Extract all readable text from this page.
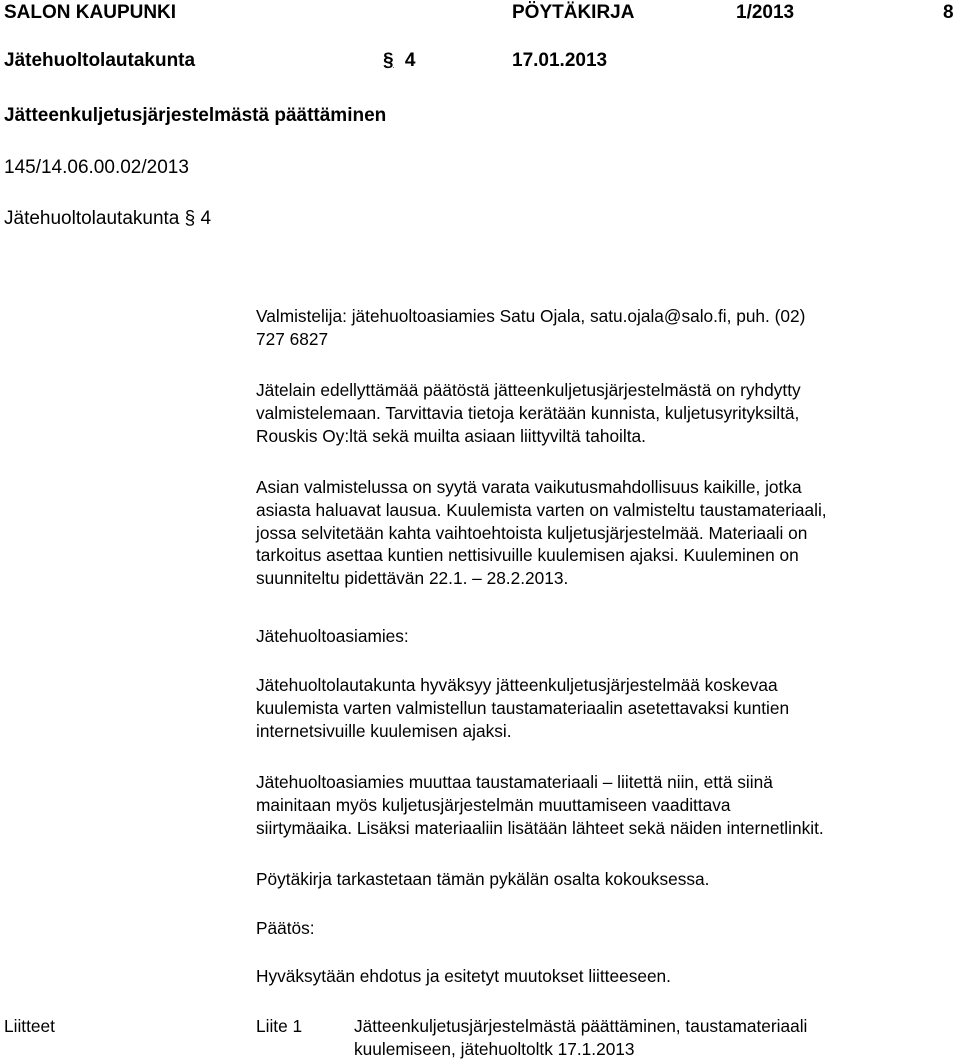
SALON KAUPUNKI	PÖYTÄKIRJA	1/2013	8
Jätehuoltolautakunta	§ 4	17.01.2013
Jätteenkuljetusjärjestelmästä päättäminen
145/14.06.00.02/2013
Jätehuoltolautakunta § 4
Valmistelija: jätehuoltoasiamies Satu Ojala, satu.ojala@salo.fi, puh. (02)
727 6827
Jätelain edellyttämää päätöstä jätteenkuljetusjärjestelmästä on ryhdytty
valmistelemaan. Tarvittavia tietoja kerätään kunnista, kuljetusyrityksiltä,
Rouskis Oy:ltä sekä muilta asiaan liittyviltä tahoilta.
Asian valmistelussa on syytä varata vaikutusmahdollisuus kaikille, jotka
asiasta haluavat lausua. Kuulemista varten on valmisteltu taustamateriaali,
jossa selvitetään kahta vaihtoehtoista kuljetusjärjestelmää. Materiaali on
tarkoitus asettaa kuntien nettisivuille kuulemisen ajaksi. Kuuleminen on
suunniteltu pidettävän 22.1. – 28.2.2013.
Jätehuoltoasiamies:
Jätehuoltolautakunta hyväksyy jätteenkuljetusjärjestelmää koskevaa
kuulemista varten valmistellun taustamateriaalin asetettavaksi kuntien
internetsivuille kuulemisen ajaksi.
Jätehuoltoasiamies muuttaa taustamateriaali – liitettä niin, että siinä
mainitaan myös kuljetusjärjestelmän muuttamiseen vaadittava
siirtymäaika. Lisäksi materiaaliin lisätään lähteet sekä näiden internetlinkit.
Pöytäkirja tarkastetaan tämän pykälän osalta kokouksessa.
Päätös:
Hyväksytään ehdotus ja esitetyt muutokset liitteeseen.
Liitteet	Liite 1	Jätteenkuljetusjärjestelmästä päättäminen, taustamateriaali
kuulemiseen, jätehuoltoltk 17.1.2013
